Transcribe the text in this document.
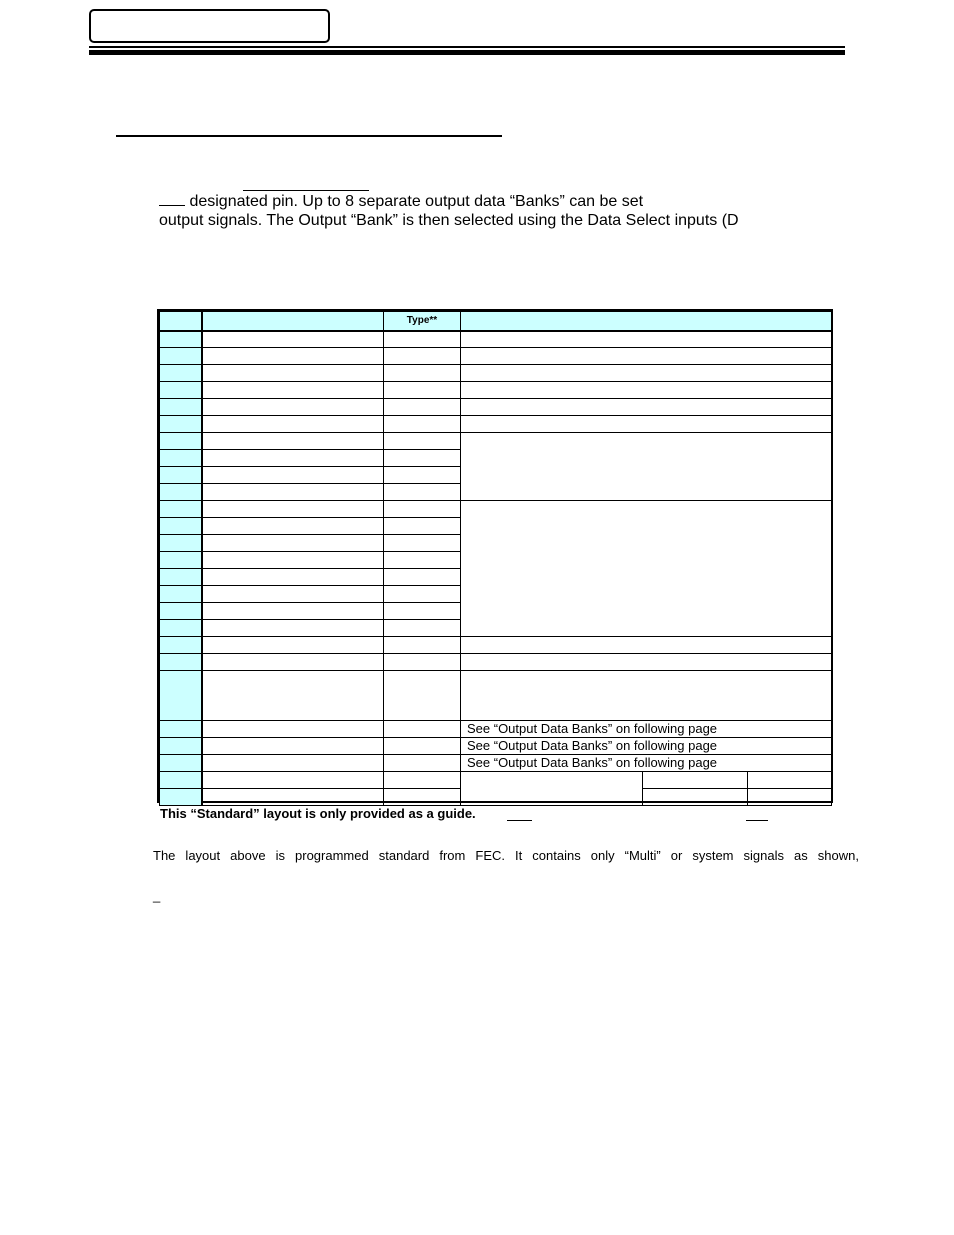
designated pin. Up to 8 separate output data “Banks” can be set
output signals. The Output “Bank” is then selected using the Data Select inputs (D
		Type**			

			See “Output Data Banks” on following page		
			See “Output Data Banks” on following page		
			See “Output Data Banks” on following page		

This “Standard” layout is only provided as a guide.
The layout above is programmed standard from FEC. It contains only “Multi” or system signals as shown,
_
